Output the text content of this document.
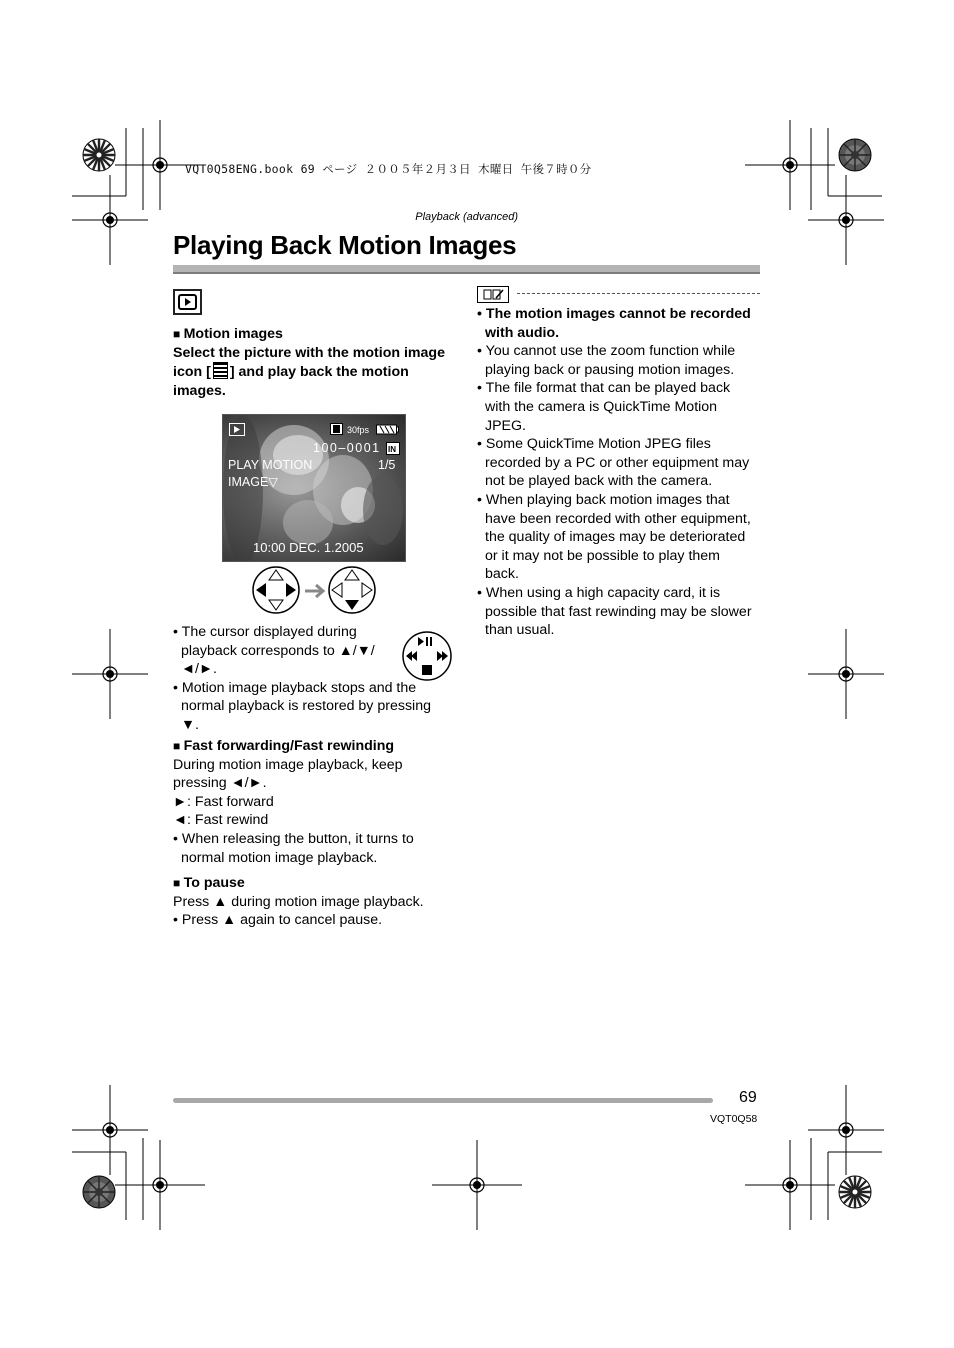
VQT0Q58ENG.book 69 ページ ２００５年２月３日 木曜日 午後７時０分
Playback (advanced)
Playing Back Motion Images

■ Motion images

Select the picture with the motion image

icon [ ] and play back the motion

images.

30fps
100–0001 IN
PLAY MOTION
IMAGE▽
1/5
10:00 DEC. 1.2005

• The cursor displayed during

playback corresponds to ▲/▼/

◄/►.

• Motion image playback stops and the

normal playback is restored by pressing

▼.

■ Fast forwarding/Fast rewinding

During motion image playback, keep

pressing ◄/►.

►: Fast forward

◄: Fast rewind

• When releasing the button, it turns to

normal motion image playback.

■ To pause

Press ▲ during motion image playback.

• Press ▲ again to cancel pause.

• The motion images cannot be recorded

with audio.

• You cannot use the zoom function while

playing back or pausing motion images.

• The file format that can be played back

with the camera is QuickTime Motion

JPEG.

• Some QuickTime Motion JPEG files

recorded by a PC or other equipment may

not be played back with the camera.

• When playing back motion images that

have been recorded with other equipment,

the quality of images may be deteriorated

or it may not be possible to play them

back.

• When using a high capacity card, it is

possible that fast rewinding may be slower

than usual.

69
VQT0Q58
